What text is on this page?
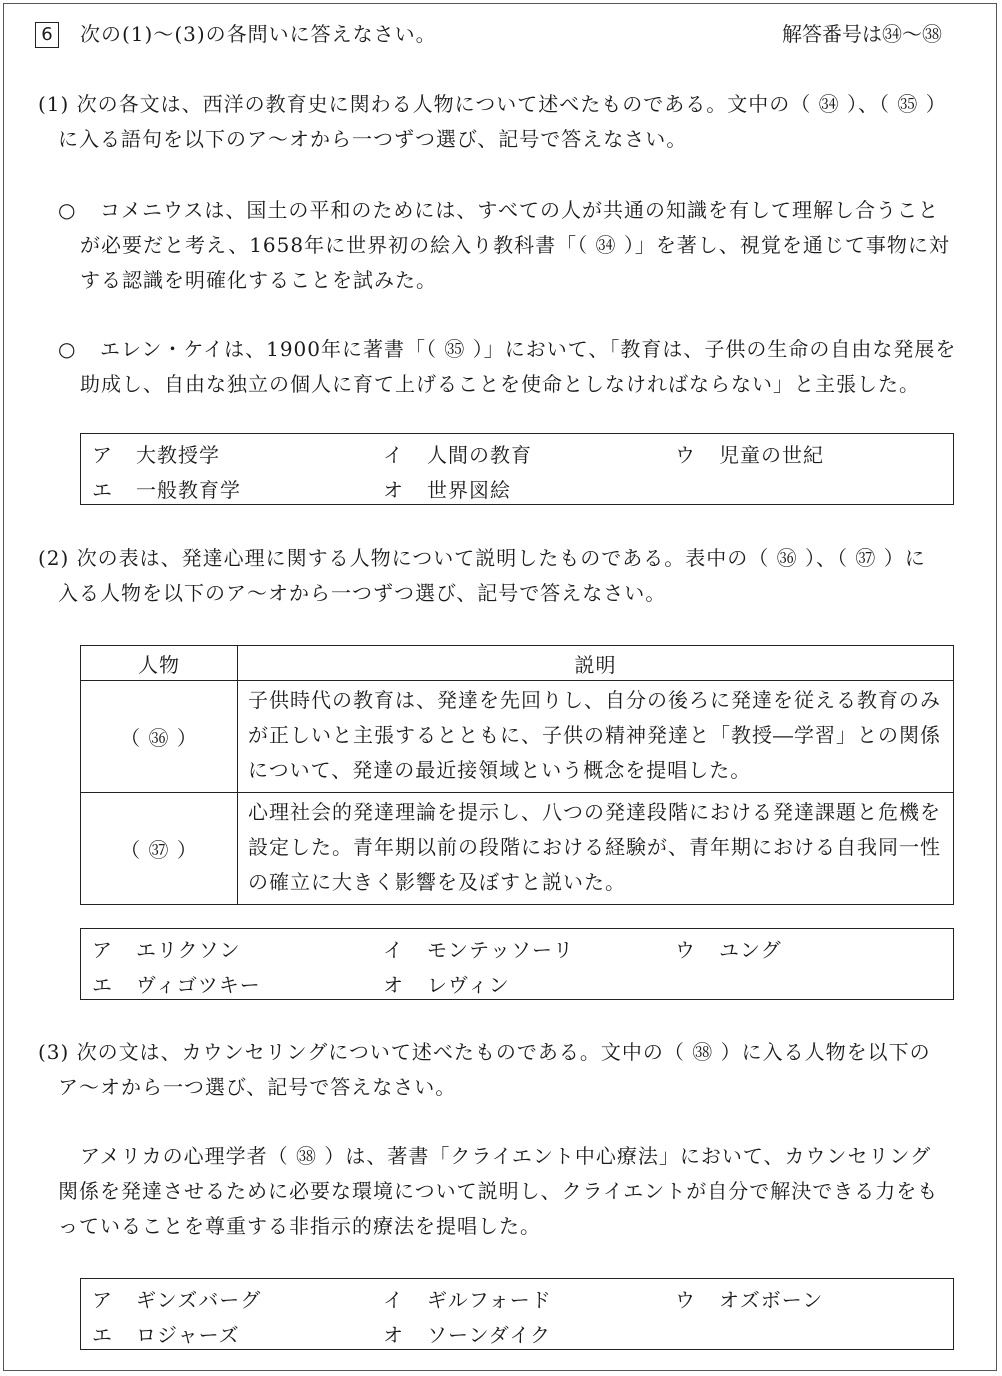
6	次の(1)～(3)の各問いに答えなさい。	解答番号は㉞～㊳
(1) 次の各文は、西洋の教育史に関わる人物について述べたものである。文中の（ ㉞ ）、（ ㉟ ）
に入る語句を以下のア～オから一つずつ選び、記号で答えなさい。
○ コメニウスは、国土の平和のためには、すべての人が共通の知識を有して理解し合うこと
が必要だと考え、1658年に世界初の絵入り教科書「（ ㉞ ）」を著し、視覚を通じて事物に対
する認識を明確化することを試みた。
○ エレン・ケイは、1900年に著書「（ ㉟ ）」において、「教育は、子供の生命の自由な発展を
助成し、自由な独立の個人に育て上げることを使命としなければならない」と主張した。
ア 大教授学	イ 人間の教育	ウ 児童の世紀
エ 一般教育学	オ 世界図絵
(2) 次の表は、発達心理に関する人物について説明したものである。表中の（ ㊱ ）、（ ㊲ ）に
入る人物を以下のア～オから一つずつ選び、記号で答えなさい。
人物	説明
（ ㊱ ）	子供時代の教育は、発達を先回りし、自分の後ろに発達を従える教育のみが正しいと主張するとともに、子供の精神発達と「教授―学習」との関係について、発達の最近接領域という概念を提唱した。
（ ㊲ ）	心理社会的発達理論を提示し、八つの発達段階における発達課題と危機を設定した。青年期以前の段階における経験が、青年期における自我同一性の確立に大きく影響を及ぼすと説いた。
ア エリクソン	イ モンテッソーリ	ウ ユング
エ ヴィゴツキー	オ レヴィン
(3) 次の文は、カウンセリングについて述べたものである。文中の（ ㊳ ）に入る人物を以下の
ア～オから一つ選び、記号で答えなさい。
アメリカの心理学者（ ㊳ ）は、著書「クライエント中心療法」において、カウンセリング
関係を発達させるために必要な環境について説明し、クライエントが自分で解決できる力をも
っていることを尊重する非指示的療法を提唱した。
ア ギンズバーグ	イ ギルフォード	ウ オズボーン
エ ロジャーズ	オ ソーンダイク
